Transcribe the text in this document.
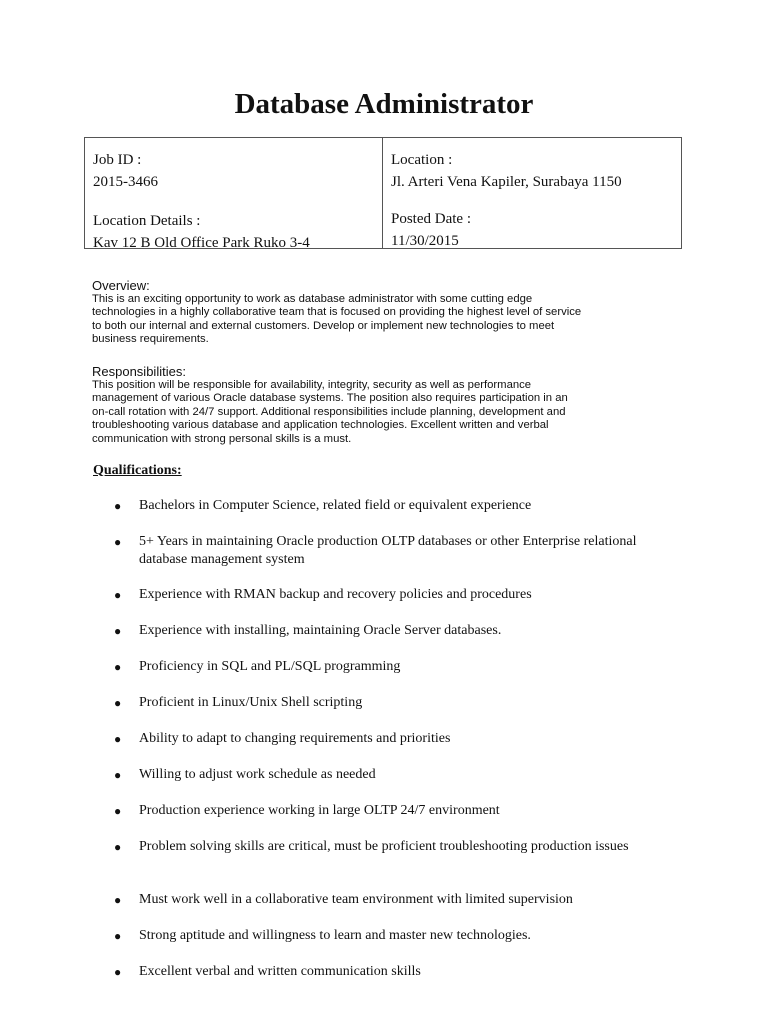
Database Administrator
Job ID :
2015-3466
Location Details :
Kav 12 B Old Office Park Ruko 3-4
Location :
Jl. Arteri Vena Kapiler, Surabaya 1150
Posted Date :
11/30/2015
Overview:
This is an exciting opportunity to work as database administrator with some cutting edge
technologies in a highly collaborative team that is focused on providing the highest level of service
to both our internal and external customers. Develop or implement new technologies to meet
business requirements.
Responsibilities:
This position will be responsible for availability, integrity, security as well as performance
management of various Oracle database systems. The position also requires participation in an
on-call rotation with 24/7 support. Additional responsibilities include planning, development and
troubleshooting various database and application technologies. Excellent written and verbal
communication with strong personal skills is a must.
Qualifications:
● Bachelors in Computer Science, related field or equivalent experience
● 5+ Years in maintaining Oracle production OLTP databases or other Enterprise relational database management system
● Experience with RMAN backup and recovery policies and procedures
● Experience with installing, maintaining Oracle Server databases.
● Proficiency in SQL and PL/SQL programming
● Proficient in Linux/Unix Shell scripting
● Ability to adapt to changing requirements and priorities
● Willing to adjust work schedule as needed
● Production experience working in large OLTP 24/7 environment
● Problem solving skills are critical, must be proficient troubleshooting production issues
● Must work well in a collaborative team environment with limited supervision
● Strong aptitude and willingness to learn and master new technologies.
● Excellent verbal and written communication skills
